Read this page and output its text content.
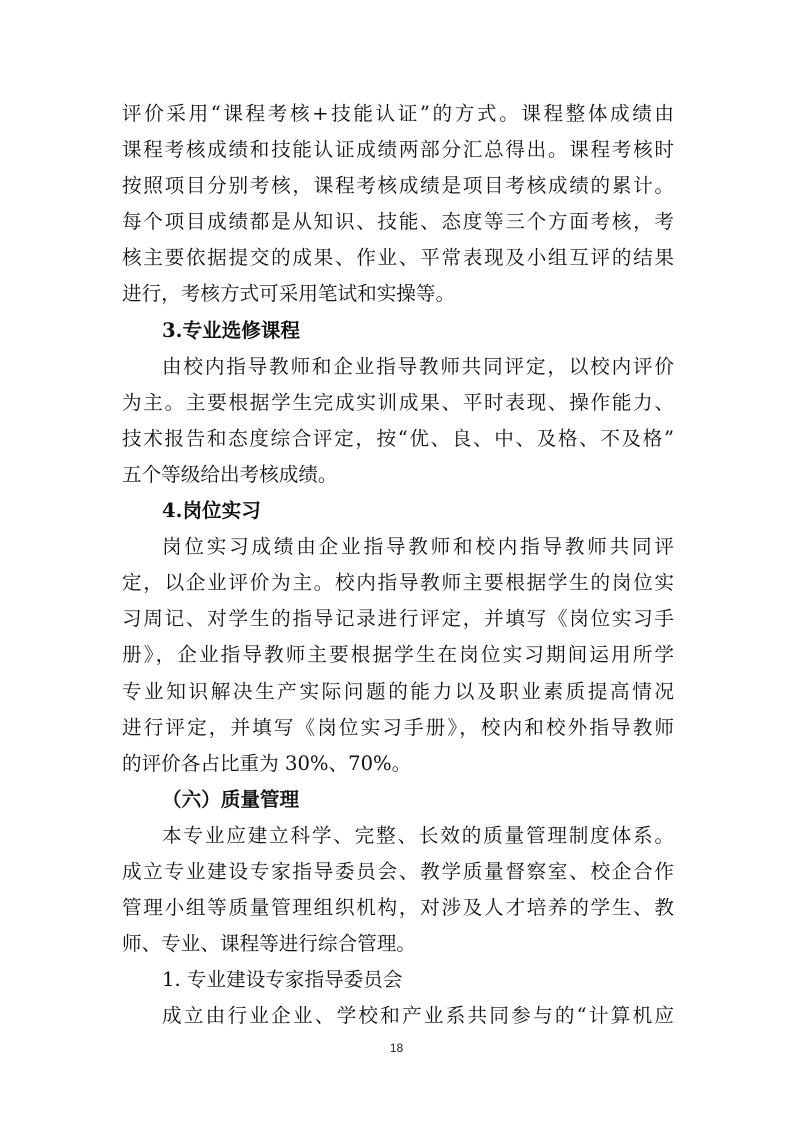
评价采用“课程考核+技能认证”的方式。课程整体成绩由
课程考核成绩和技能认证成绩两部分汇总得出。课程考核时
按照项目分别考核，课程考核成绩是项目考核成绩的累计。
每个项目成绩都是从知识、技能、态度等三个方面考核，考
核主要依据提交的成果、作业、平常表现及小组互评的结果
进行，考核方式可采用笔试和实操等。
3.专业选修课程
由校内指导教师和企业指导教师共同评定，以校内评价
为主。主要根据学生完成实训成果、平时表现、操作能力、
技术报告和态度综合评定，按“优、良、中、及格、不及格”
五个等级给出考核成绩。
4.岗位实习
岗位实习成绩由企业指导教师和校内指导教师共同评
定，以企业评价为主。校内指导教师主要根据学生的岗位实
习周记、对学生的指导记录进行评定，并填写《岗位实习手
册》，企业指导教师主要根据学生在岗位实习期间运用所学
专业知识解决生产实际问题的能力以及职业素质提高情况
进行评定，并填写《岗位实习手册》，校内和校外指导教师
的评价各占比重为 30%、70%。
（六）质量管理
本专业应建立科学、完整、长效的质量管理制度体系。
成立专业建设专家指导委员会、教学质量督察室、校企合作
管理小组等质量管理组织机构，对涉及人才培养的学生、教
师、专业、课程等进行综合管理。
1. 专业建设专家指导委员会
成立由行业企业、学校和产业系共同参与的“计算机应
18
